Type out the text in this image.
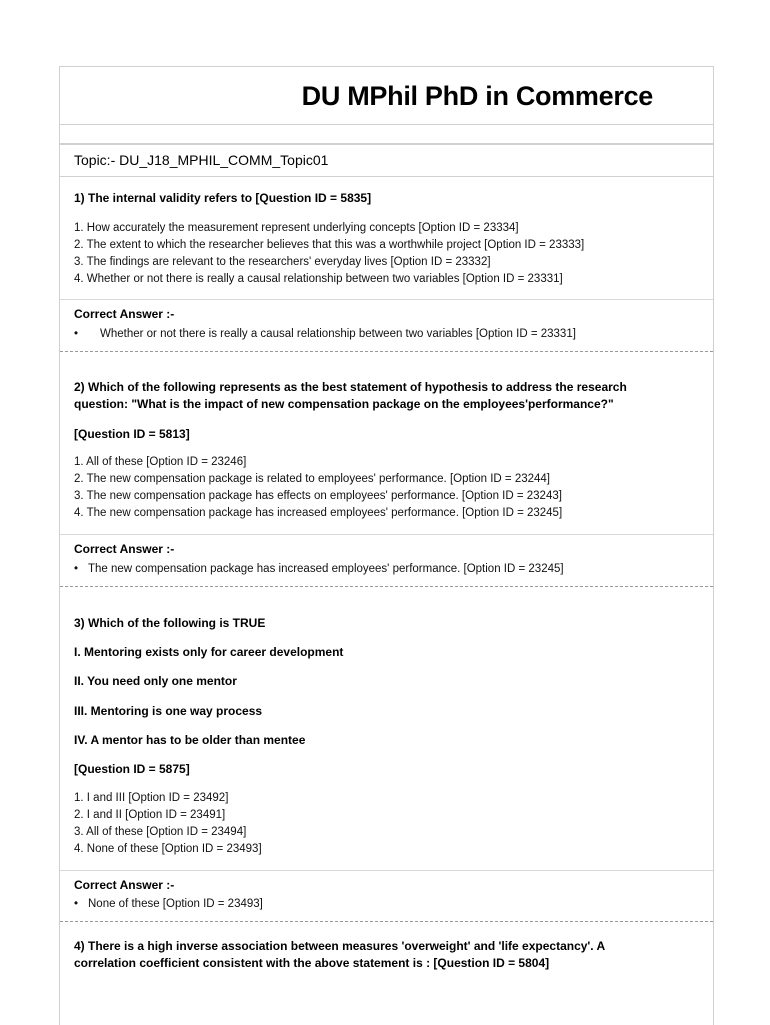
DU MPhil PhD in Commerce
Topic:- DU_J18_MPHIL_COMM_Topic01
1) The internal validity refers to [Question ID = 5835]
1. How accurately the measurement represent underlying concepts [Option ID = 23334]
2. The extent to which the researcher believes that this was a worthwhile project [Option ID = 23333]
3. The findings are relevant to the researchers' everyday lives [Option ID = 23332]
4. Whether or not there is really a causal relationship between two variables [Option ID = 23331]
Correct Answer :-
• Whether or not there is really a causal relationship between two variables [Option ID = 23331]
2) Which of the following represents as the best statement of hypothesis to address the research
question: "What is the impact of new compensation package on the employees'performance?"
[Question ID = 5813]
1. All of these [Option ID = 23246]
2. The new compensation package is related to employees' performance. [Option ID = 23244]
3. The new compensation package has effects on employees' performance. [Option ID = 23243]
4. The new compensation package has increased employees' performance. [Option ID = 23245]
Correct Answer :-
• The new compensation package has increased employees' performance. [Option ID = 23245]
3) Which of the following is TRUE
I. Mentoring exists only for career development
II. You need only one mentor
III. Mentoring is one way process
IV. A mentor has to be older than mentee
[Question ID = 5875]
1. I and III [Option ID = 23492]
2. I and II [Option ID = 23491]
3. All of these [Option ID = 23494]
4. None of these [Option ID = 23493]
Correct Answer :-
• None of these [Option ID = 23493]
4) There is a high inverse association between measures 'overweight' and 'life expectancy'. A
correlation coefficient consistent with the above statement is : [Question ID = 5804]
